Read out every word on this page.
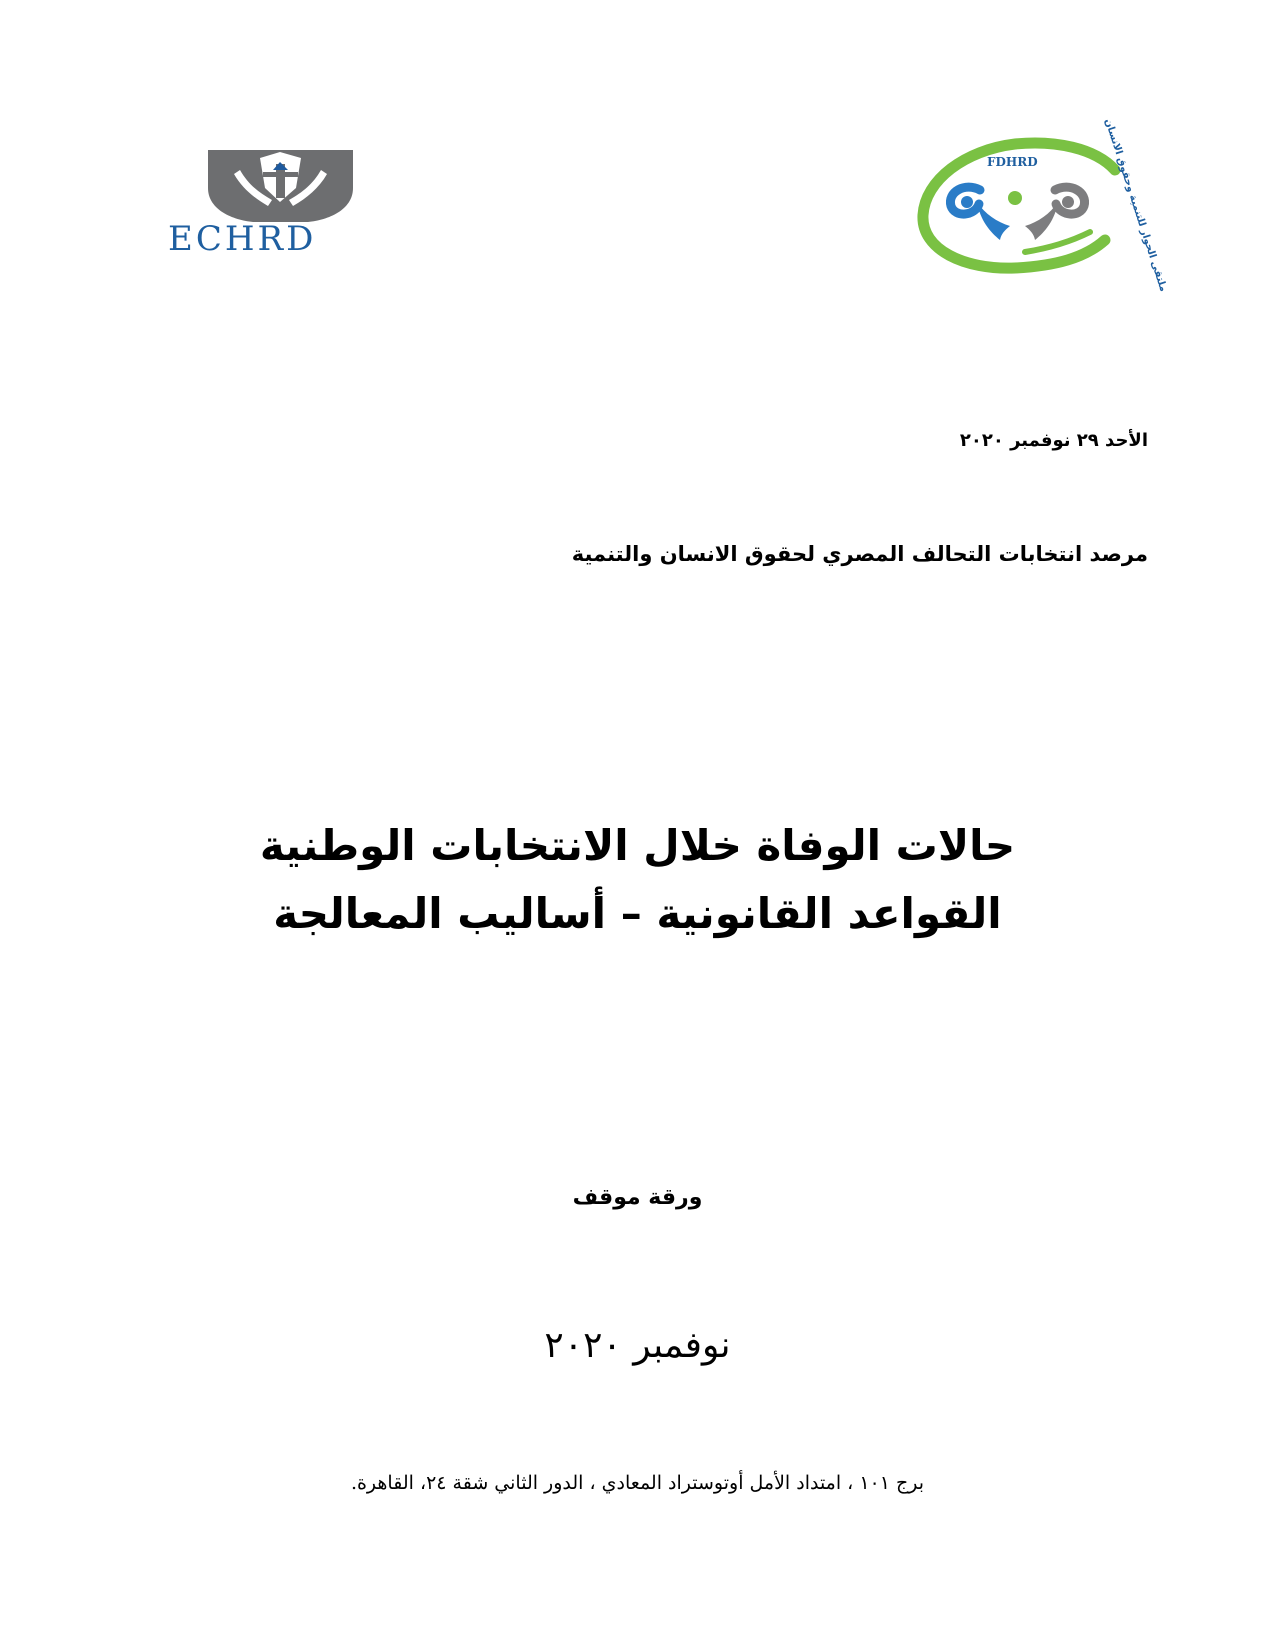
ECHRD
FDHRD	ملتقى الحوار للتنمية وحقوق الانسان
الأحد ٢٩ نوفمبر ٢٠٢٠
مرصد انتخابات التحالف المصري لحقوق الانسان والتنمية
حالات الوفاة خلال الانتخابات الوطنية
القواعد القانونية – أساليب المعالجة
ورقة موقف
نوفمبر ٢٠٢٠
برج ١٠١ ، امتداد الأمل أوتوستراد المعادي ، الدور الثاني شقة ٢٤، القاهرة.
